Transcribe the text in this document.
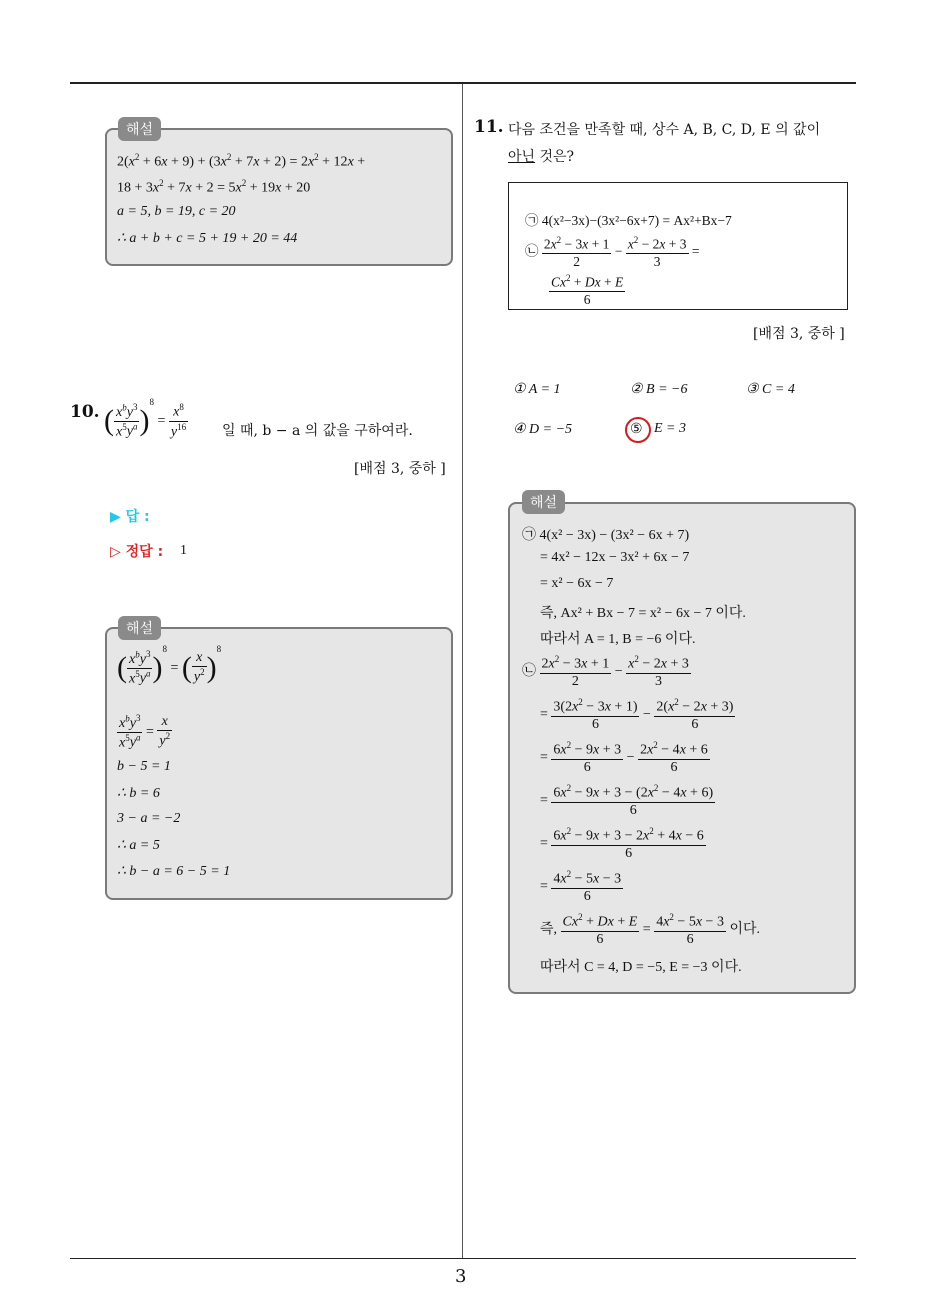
3
$2(x^2 + 6x + 9) + (3x^2 + 7x + 2) = 2x^2 + 12x$ +
$18 + 3x^2 + 7x + 2 = 5x^2 + 19x + 20$
a = 5, b = 19, c = 20
∴ a + b + c = 5 + 19 + 20 = 44
해설
10. ( $\frac{x^by^3}{x^5y^a} )^8 = \frac{x^8}{y^{16}}$ 일 때, b − a 의 값을 구하여라.
[배점 3, 중하 ]
▶ 답 :
▷ 정답 : 1
( $\frac{x^by^3}{x^5y^a} )^8$ = ( $\frac{x}{y^2} )^8$
$\frac{x^by^3}{x^5y^a} = \frac{x}{y^2}$
b − 5 = 1
∴ b = 6
3 − a = −2
∴ a = 5
∴ b − a = 6 − 5 = 1
해설
11. 다음 조건을 만족할 때, 상수 A, B, C, D, E 의 값이
아닌 것은?
㉠ 4(x²−3x)−(3x²−6x+7) = Ax²+Bx−7
㉡ $\frac{2x^2 - 3x + 1}{2} - \frac{x^2 - 2x + 3}{3}$ =
$\frac{Cx^2 + Dx + E}{6}$
[배점 3, 중하 ]
① A = 1	② B = −6	③ C = 4
④ D = −5	⑤ E = 3
㉠ 4(x² − 3x) − (3x² − 6x + 7)
= 4x² − 12x − 3x² + 6x − 7
= x² − 6x − 7
즉, Ax² + Bx − 7 = x² − 6x − 7 이다.
따라서 A = 1, B = −6 이다.
㉡ $\frac{2x^2 - 3x + 1}{2} - \frac{x^2 - 2x + 3}{3}$
= $\frac{3(2x^2 - 3x + 1)}{6} - \frac{2(x^2 - 2x + 3)}{6}$
= $\frac{6x^2 - 9x + 3}{6} - \frac{2x^2 - 4x + 6}{6}$
= $\frac{6x^2 - 9x + 3 - (2x^2 - 4x + 6)}{6}$
= $\frac{6x^2 - 9x + 3 - 2x^2 + 4x - 6}{6}$
= $\frac{4x^2 - 5x - 3}{6}$
즉, $\frac{Cx^2 + Dx + E}{6} = \frac{4x^2 - 5x - 3}{6}$ 이다.
따라서 C = 4, D = −5, E = −3 이다.
해설
